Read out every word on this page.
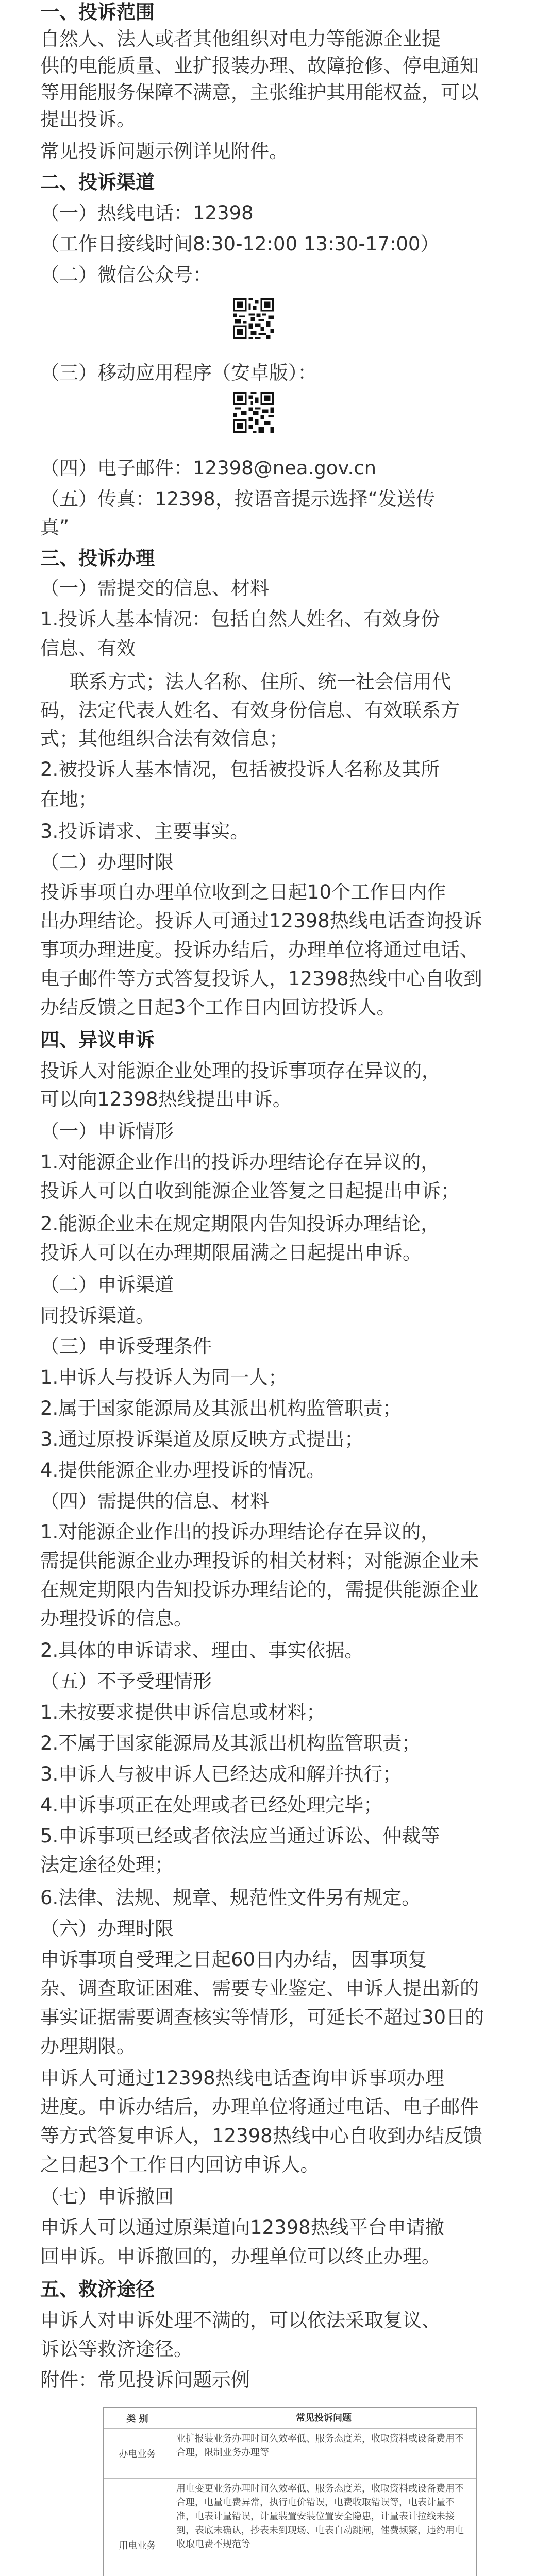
一、投诉范围
自然人、法人或者其他组织对电力等能源企业提
供的电能质量、业扩报装办理、故障抢修、停电通知
等用能服务保障不满意，主张维护其用能权益，可以
提出投诉。
常见投诉问题示例详见附件。
二、投诉渠道
（一）热线电话：12398
（工作日接线时间8:30-12:00 13:30-17:00）
（二）微信公众号：
（三）移动应用程序（安卓版）：
（四）电子邮件：12398@nea.gov.cn
（五）传真：12398，按语音提示选择“发送传
真”
三、投诉办理
（一）需提交的信息、材料
1.投诉人基本情况：包括自然人姓名、有效身份
信息、有效
联系方式；法人名称、住所、统一社会信用代
码，法定代表人姓名、有效身份信息、有效联系方
式；其他组织合法有效信息；
2.被投诉人基本情况，包括被投诉人名称及其所
在地；
3.投诉请求、主要事实。
（二）办理时限
投诉事项自办理单位收到之日起10个工作日内作
出办理结论。投诉人可通过12398热线电话查询投诉
事项办理进度。投诉办结后，办理单位将通过电话、
电子邮件等方式答复投诉人，12398热线中心自收到
办结反馈之日起3个工作日内回访投诉人。
四、异议申诉
投诉人对能源企业处理的投诉事项存在异议的，
可以向12398热线提出申诉。
（一）申诉情形
1.对能源企业作出的投诉办理结论存在异议的，
投诉人可以自收到能源企业答复之日起提出申诉；
2.能源企业未在规定期限内告知投诉办理结论，
投诉人可以在办理期限届满之日起提出申诉。
（二）申诉渠道
同投诉渠道。
（三）申诉受理条件
1.申诉人与投诉人为同一人；
2.属于国家能源局及其派出机构监管职责；
3.通过原投诉渠道及原反映方式提出；
4.提供能源企业办理投诉的情况。
（四）需提供的信息、材料
1.对能源企业作出的投诉办理结论存在异议的，
需提供能源企业办理投诉的相关材料；对能源企业未
在规定期限内告知投诉办理结论的，需提供能源企业
办理投诉的信息。
2.具体的申诉请求、理由、事实依据。
（五）不予受理情形
1.未按要求提供申诉信息或材料；
2.不属于国家能源局及其派出机构监管职责；
3.申诉人与被申诉人已经达成和解并执行；
4.申诉事项正在处理或者已经处理完毕；
5.申诉事项已经或者依法应当通过诉讼、仲裁等
法定途径处理；
6.法律、法规、规章、规范性文件另有规定。
（六）办理时限
申诉事项自受理之日起60日内办结，因事项复
杂、调查取证困难、需要专业鉴定、申诉人提出新的
事实证据需要调查核实等情形，可延长不超过30日的
办理期限。
申诉人可通过12398热线电话查询申诉事项办理
进度。申诉办结后，办理单位将通过电话、电子邮件
等方式答复申诉人，12398热线中心自收到办结反馈
之日起3个工作日内回访申诉人。
（七）申诉撤回
申诉人可以通过原渠道向12398热线平台申请撤
回申诉。申诉撤回的，办理单位可以终止办理。
五、救济途径
申诉人对申诉处理不满的，可以依法采取复议、
诉讼等救济途径。
附件：常见投诉问题示例
类 别	常见投诉问题
办电业务
业扩报装业务办理时间久效率低、服务态度差，收取资料或设备费用不合理，限制业务办理等
用电业务
用电变更业务办理时间久效率低、服务态度差，收取资料或设备费用不合理，电量电费异常，执行电价错误，电费收取错误等，电表计量不准，电表计量错误，计量装置安装位置安全隐患，计量表计拉线未接到，表底未确认，抄表未到现场、电表自动跳闸，催费频繁，违约用电收取电费不规范等
